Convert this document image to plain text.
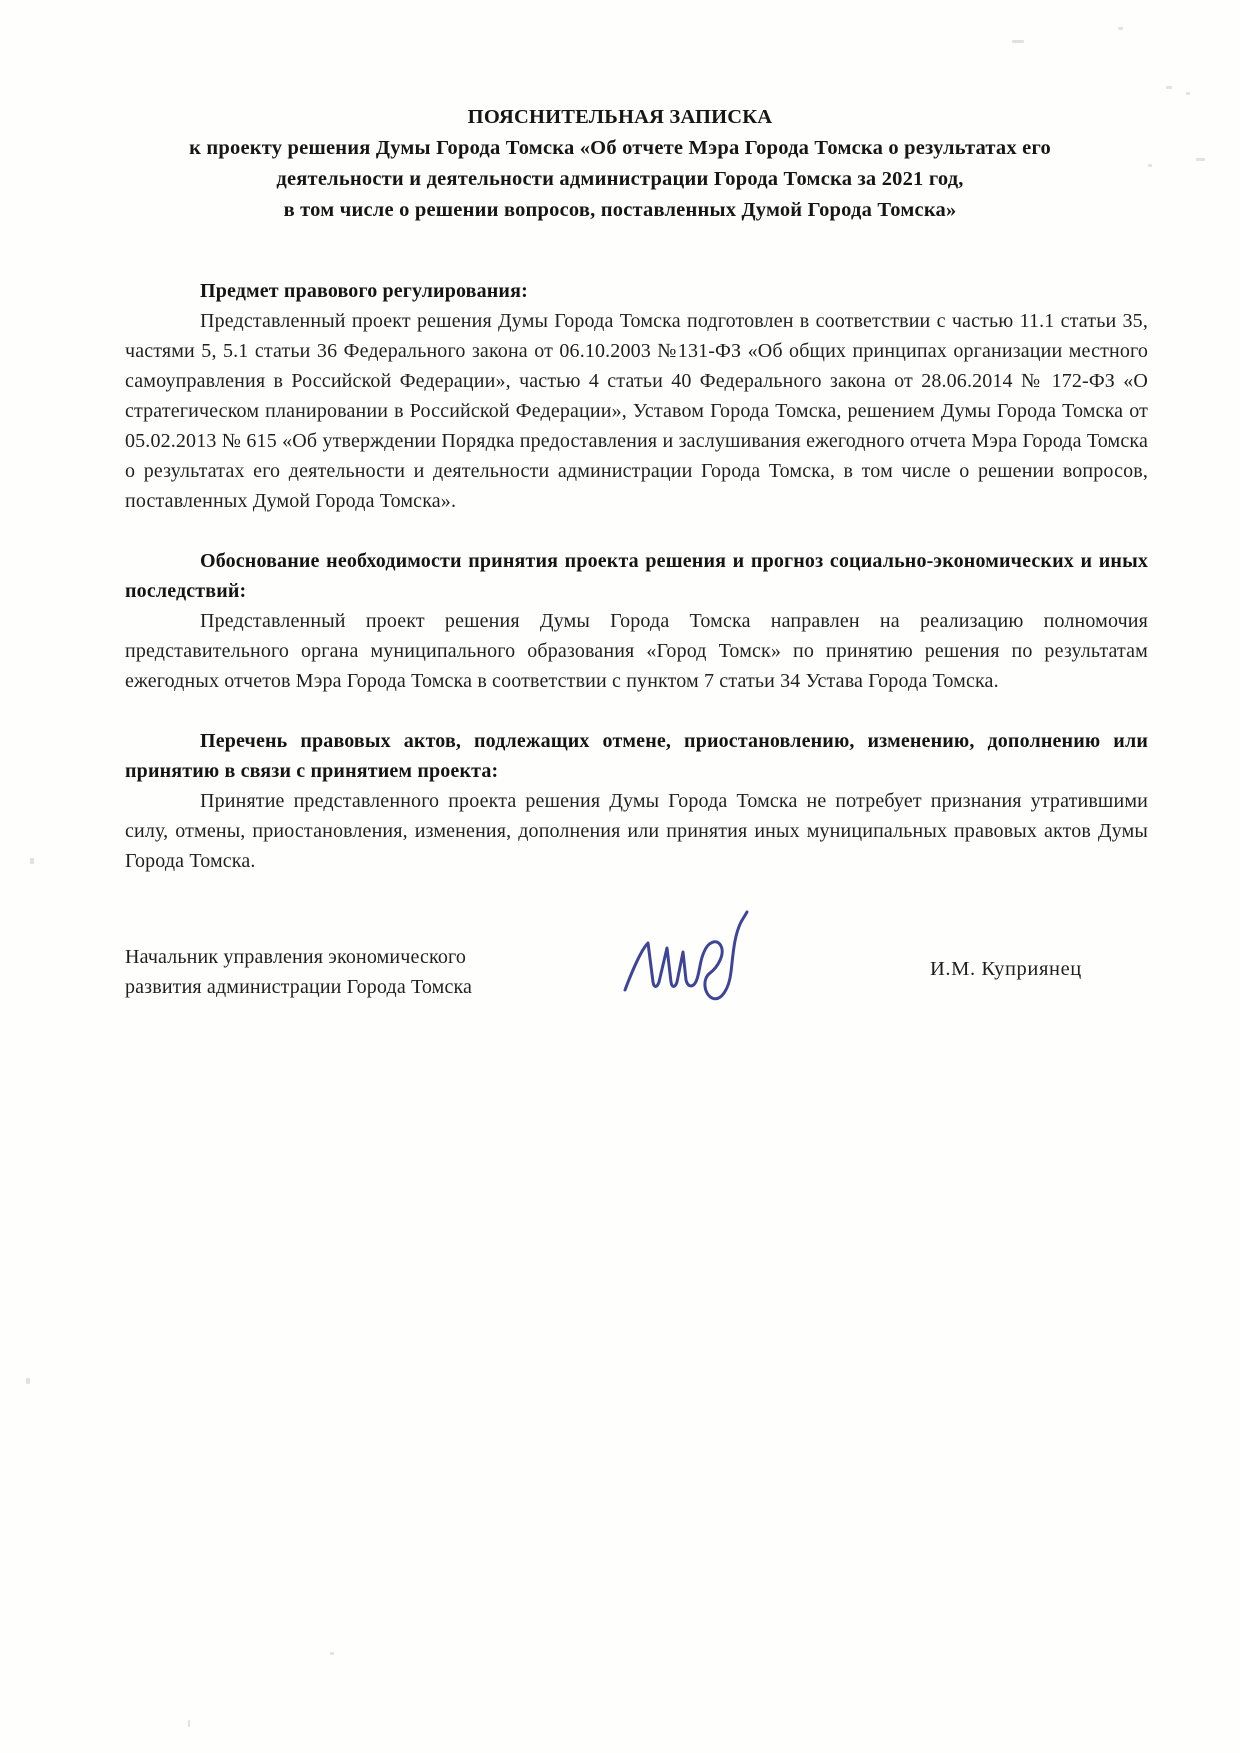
ПОЯСНИТЕЛЬНАЯ ЗАПИСКА
к проекту решения Думы Города Томска «Об отчете Мэра Города Томска о результатах его
деятельности и деятельности администрации Города Томска за 2021 год,
в том числе о решении вопросов, поставленных Думой Города Томска»

Предмет правового регулирования:

Представленный проект решения Думы Города Томска подготовлен в соответствии с частью 11.1 статьи 35, частями 5, 5.1 статьи 36 Федерального закона от 06.10.2003 №131-ФЗ «Об общих принципах организации местного самоуправления в Российской Федерации», частью 4 статьи 40 Федерального закона от 28.06.2014 № 172-ФЗ «О стратегическом планировании в Российской Федерации», Уставом Города Томска, решением Думы Города Томска от 05.02.2013 № 615 «Об утверждении Порядка предоставления и заслушивания ежегодного отчета Мэра Города Томска о результатах его деятельности и деятельности администрации Города Томска, в том числе о решении вопросов, поставленных Думой Города Томска».

Обоснование необходимости принятия проекта решения и прогноз социально-экономических и иных последствий:

Представленный проект решения Думы Города Томска направлен на реализацию полномочия представительного органа муниципального образования «Город Томск» по принятию решения по результатам ежегодных отчетов Мэра Города Томска в соответствии с пунктом 7 статьи 34 Устава Города Томска.

Перечень правовых актов, подлежащих отмене, приостановлению, изменению, дополнению или принятию в связи с принятием проекта:

Принятие представленного проекта решения Думы Города Томска не потребует признания утратившими силу, отмены, приостановления, изменения, дополнения или принятия иных муниципальных правовых актов Думы Города Томска.

Начальник управления экономического
развития администрации Города Томска
И.М. Куприянец
